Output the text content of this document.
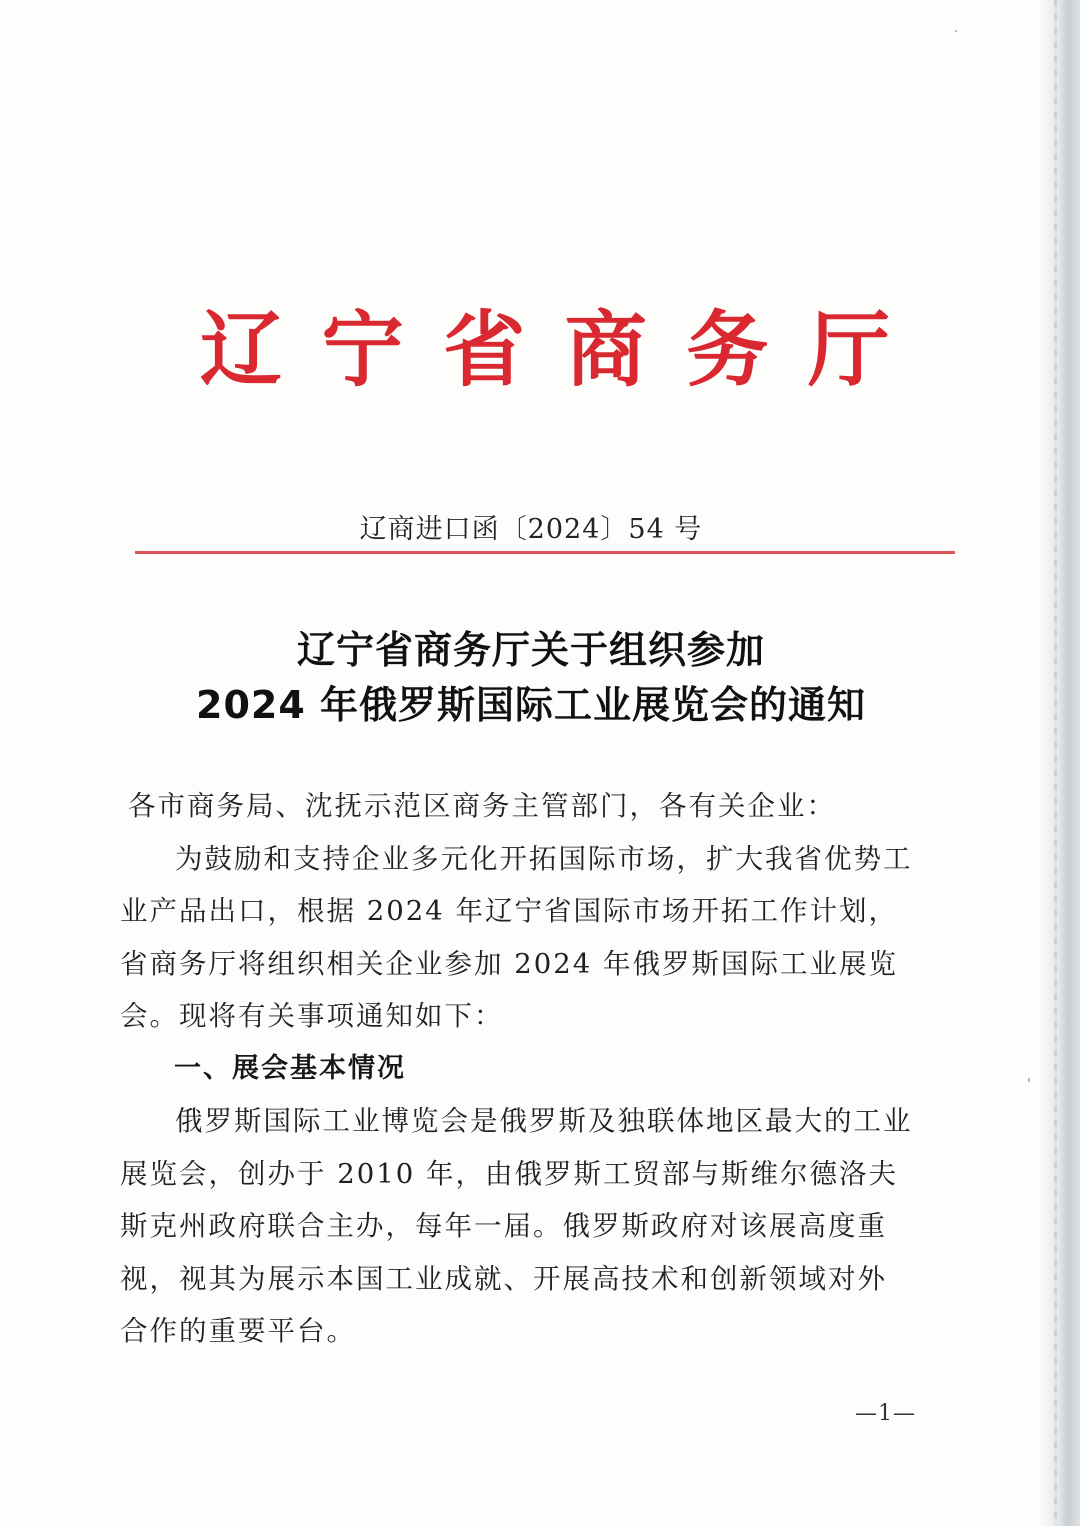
辽 宁 省 商 务 厅
辽商进口函〔2024〕54 号
辽宁省商务厅关于组织参加
2024 年俄罗斯国际工业展览会的通知

各市商务局、沈抚示范区商务主管部门，各有关企业：

为鼓励和支持企业多元化开拓国际市场，扩大我省优势工业产品出口，根据 2024 年辽宁省国际市场开拓工作计划，省商务厅将组织相关企业参加 2024 年俄罗斯国际工业展览会。现将有关事项通知如下：

一、展会基本情况

俄罗斯国际工业博览会是俄罗斯及独联体地区最大的工业展览会，创办于 2010 年，由俄罗斯工贸部与斯维尔德洛夫斯克州政府联合主办，每年一届。俄罗斯政府对该展高度重视，视其为展示本国工业成就、开展高技术和创新领域对外合作的重要平台。

—1—
